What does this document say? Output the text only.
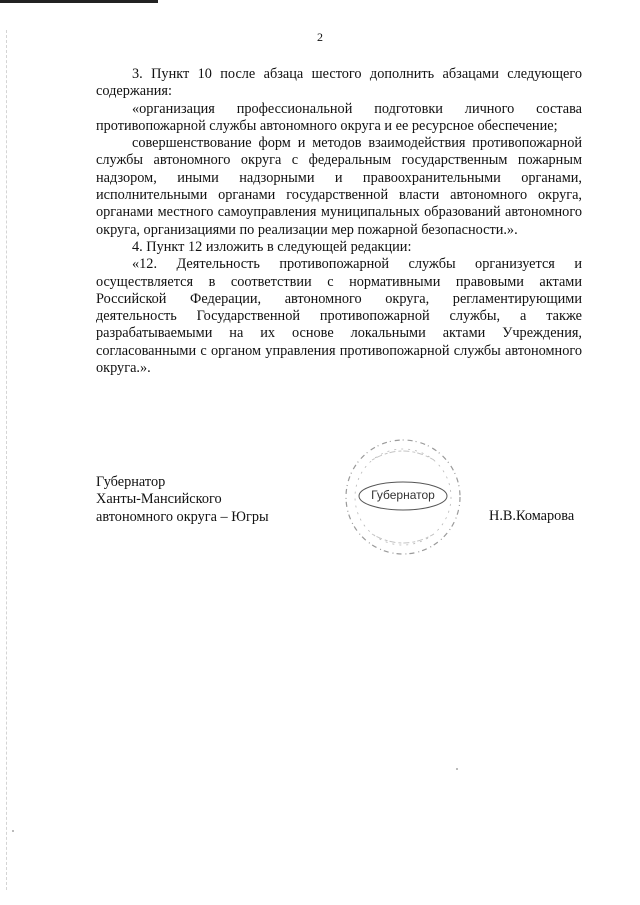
2

3. Пункт 10 после абзаца шестого дополнить абзацами следующего содержания:

«организация профессиональной подготовки личного состава противопожарной службы автономного округа и ее ресурсное обеспечение;

совершенствование форм и методов взаимодействия противопожарной службы автономного округа с федеральным государственным пожарным надзором, иными надзорными и правоохранительными органами, исполнительными органами государственной власти автономного округа, органами местного самоуправления муниципальных образований автономного округа, организациями по реализации мер пожарной безопасности.».

4. Пункт 12 изложить в следующей редакции:

«12. Деятельность противопожарной службы организуется и осуществляется в соответствии с нормативными правовыми актами Российской Федерации, автономного округа, регламентирующими деятельность Государственной противопожарной службы, а также разрабатываемыми на их основе локальными актами Учреждения, согласованными с органом управления противопожарной службы автономного округа.».

Губернатор
Ханты-Мансийского
автономного округа – Югры
Губернатор
Н.В.Комарова
